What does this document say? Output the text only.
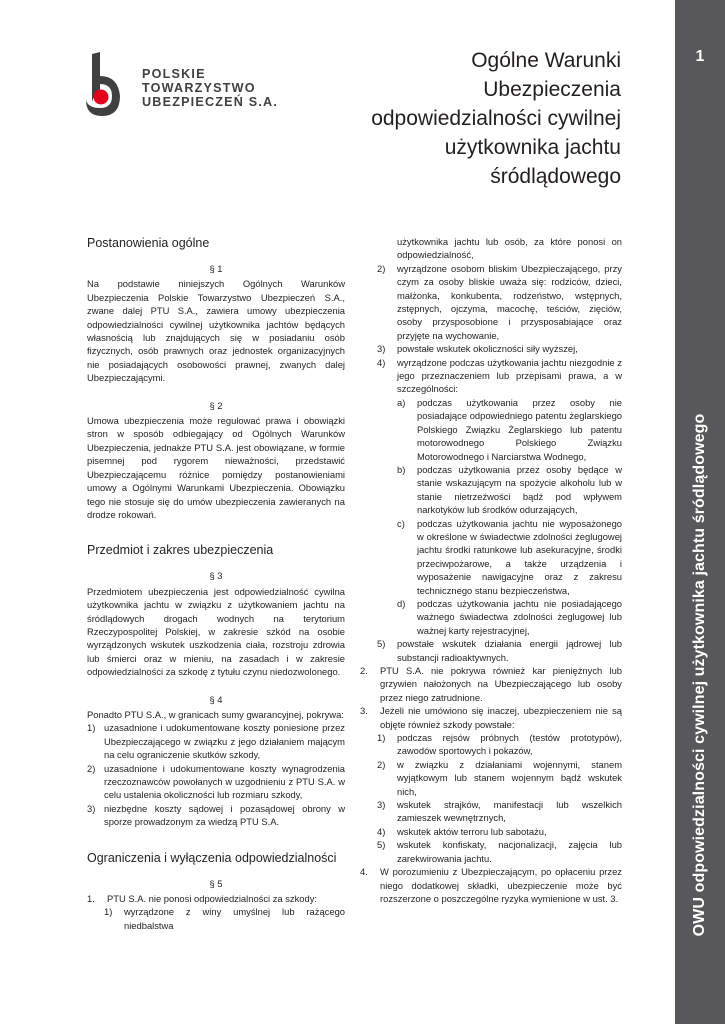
POLSKIE
TOWARZYSTWO
UBEZPIECZEŃ S.A.
Ogólne Warunki
Ubezpieczenia
odpowiedzialności cywilnej
użytkownika jachtu
śródlądowego
1
OWU odpowiedzialności cywilnej użytkownika jachtu śródlądowego
Postanowienia ogólne
§ 1
Na podstawie niniejszych Ogólnych Warunków Ubezpieczenia Polskie Towarzystwo Ubezpieczeń S.A., zwane dalej PTU S.A., zawiera umowy ubezpieczenia odpowiedzialności cywilnej użytkownika jachtów będących własnością lub znajdujących się w posiadaniu osób fizycznych, osób prawnych oraz jednostek organizacyjnych nie posiadających osobowości prawnej, zwanych dalej Ubezpieczającymi.
§ 2
Umowa ubezpieczenia może regulować prawa i obowiązki stron w sposób odbiegający od Ogólnych Warunków Ubezpieczenia, jednakże PTU S.A. jest obowiązane, w formie pisemnej pod rygorem nieważności, przedstawić Ubezpieczającemu różnice pomiędzy postanowieniami umowy a Ogólnymi Warunkami Ubezpieczenia. Obowiązku tego nie stosuje się do umów ubezpieczenia zawieranych na drodze rokowań.
Przedmiot i zakres ubezpieczenia
§ 3
Przedmiotem ubezpieczenia jest odpowiedzialność cywilna użytkownika jachtu w związku z użytkowaniem jachtu na śródlądowych drogach wodnych na terytorium Rzeczypospolitej Polskiej, w zakresie szkód na osobie wyrządzonych wskutek uszkodzenia ciała, rozstroju zdrowia lub śmierci oraz w mieniu, na zasadach i w zakresie odpowiedzialności za szkodę z tytułu czynu niedozwolonego.
§ 4
Ponadto PTU S.A., w granicach sumy gwarancyjnej, pokrywa:
1) uzasadnione i udokumentowane koszty poniesione przez Ubezpieczającego w związku z jego działaniem mającym na celu ograniczenie skutków szkody,
2) uzasadnione i udokumentowane koszty wynagrodzenia rzeczoznawców powołanych w uzgodnieniu z PTU S.A. w celu ustalenia okoliczności lub rozmiaru szkody,
3) niezbędne koszty sądowej i pozasądowej obrony w sporze prowadzonym za wiedzą PTU S.A.
Ograniczenia i wyłączenia odpowiedzialności
§ 5
1.	PTU S.A. nie ponosi odpowiedzialności za szkody:
1)	wyrządzone z winy umyślnej lub rażącego niedbalstwa
użytkownika jachtu lub osób, za które ponosi on odpowiedzialność,
2)	wyrządzone osobom bliskim Ubezpieczającego, przy czym za osoby bliskie uważa się: rodziców, dzieci, małżonka, konkubenta, rodzeństwo, wstępnych, zstępnych, ojczyma, macochę, teściów, zięciów, osoby przysposobione i przysposabiające oraz przyjęte na wychowanie,
3)	powstałe wskutek okoliczności siły wyższej,
4)	wyrządzone podczas użytkowania jachtu niezgodnie z jego przeznaczeniem lub przepisami prawa, a w szczególności:
a)	podczas użytkowania przez osoby nie posiadające odpowiedniego patentu żeglarskiego Polskiego Związku Żeglarskiego lub patentu motorowodnego Polskiego Związku Motorowodnego i Narciarstwa Wodnego,
b)	podczas użytkowania przez osoby będące w stanie wskazującym na spożycie alkoholu lub w stanie nietrzeźwości bądź pod wpływem narkotyków lub środków odurzających,
c)	podczas użytkowania jachtu nie wyposażonego w określone w świadectwie zdolności żeglugowej jachtu środki ratunkowe lub asekuracyjne, środki przeciwpożarowe, a także urządzenia i wyposażenie nawigacyjne oraz z zakresu technicznego stanu bezpieczeństwa,
d)	podczas użytkowania jachtu nie posiadającego ważnego świadectwa zdolności żeglugowej lub ważnej karty rejestracyjnej,
5)	powstałe wskutek działania energii jądrowej lub substancji radioaktywnych.
2.	PTU S.A. nie pokrywa również kar pieniężnych lub grzywien nałożonych na Ubezpieczającego lub osoby przez niego zatrudnione.
3.	Jeżeli nie umówiono się inaczej, ubezpieczeniem nie są objęte również szkody powstałe:
1)	podczas rejsów próbnych (testów prototypów), zawodów sportowych i pokazów,
2)	w związku z działaniami wojennymi, stanem wyjątkowym lub stanem wojennym bądź wskutek nich,
3)	wskutek strajków, manifestacji lub wszelkich zamieszek wewnętrznych,
4)	wskutek aktów terroru lub sabotażu,
5)	wskutek konfiskaty, nacjonalizacji, zajęcia lub zarekwirowania jachtu.
4.	W porozumieniu z Ubezpieczającym, po opłaceniu przez niego dodatkowej składki, ubezpieczenie może być rozszerzone o poszczególne ryzyka wymienione w ust. 3.
